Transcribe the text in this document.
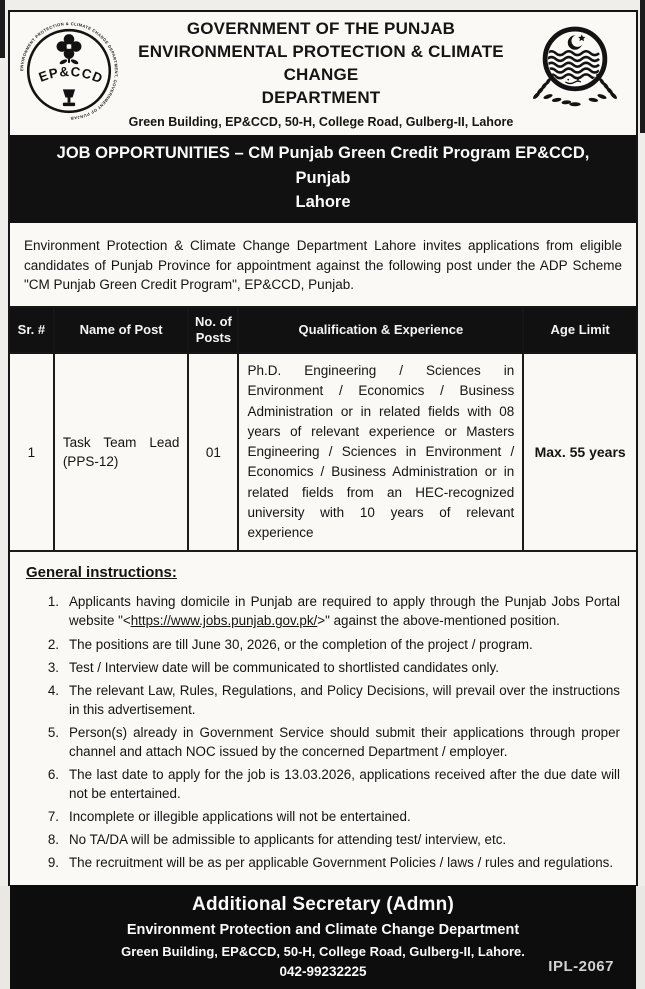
ENVIRONMENT PROTECTION & CLIMATE CHANGE DEPARTMENT, GOVERNMENT OF PUNJAB
EP&CCD
GOVERNMENT OF THE PUNJAB
ENVIRONMENTAL PROTECTION & CLIMATE CHANGE
DEPARTMENT
Green Building, EP&CCD, 50-H, College Road, Gulberg-II, Lahore
JOB OPPORTUNITIES – CM Punjab Green Credit Program EP&CCD, Punjab
Lahore

Environment Protection & Climate Change Department Lahore invites applications from eligible candidates of Punjab Province for appointment against the following post under the ADP Scheme "CM Punjab Green Credit Program", EP&CCD, Punjab.

Sr. #	Name of Post	No. of Posts	Qualification & Experience	Age Limit
1	Task Team Lead (PPS-12)	01	Ph.D. Engineering / Sciences in Environment / Economics / Business Administration or in related fields with 08 years of relevant experience or Masters Engineering / Sciences in Environment / Economics / Business Administration or in related fields from an HEC-recognized university with 10 years of relevant experience	Max. 55 years
General instructions:
1. Applicants having domicile in Punjab are required to apply through the Punjab Jobs Portal website "<https://www.jobs.punjab.gov.pk/>" against the above-mentioned position.
2. The positions are till June 30, 2026, or the completion of the project / program.
3. Test / Interview date will be communicated to shortlisted candidates only.
4. The relevant Law, Rules, Regulations, and Policy Decisions, will prevail over the instructions in this advertisement.
5. Person(s) already in Government Service should submit their applications through proper channel and attach NOC issued by the concerned Department / employer.
6. The last date to apply for the job is 13.03.2026, applications received after the due date will not be entertained.
7. Incomplete or illegible applications will not be entertained.
8. No TA/DA will be admissible to applicants for attending test/ interview, etc.
9. The recruitment will be as per applicable Government Policies / laws / rules and regulations.
Additional Secretary (Admn)
Environment Protection and Climate Change Department
Green Building, EP&CCD, 50-H, College Road, Gulberg-II, Lahore.
042-99232225	IPL-2067
